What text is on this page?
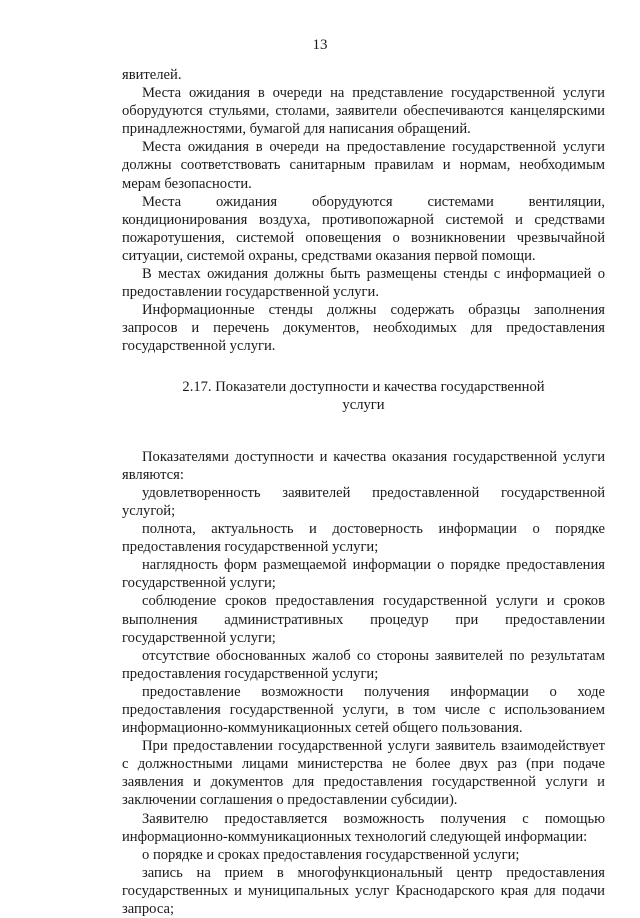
13

явителей.

Места ожидания в очереди на представление государственной услуги оборудуются стульями, столами, заявители обеспечиваются канцелярскими принадлежностями, бумагой для написания обращений.

Места ожидания в очереди на предоставление государственной услуги должны соответствовать санитарным правилам и нормам, необходимым мерам безопасности.

Места ожидания оборудуются системами вентиляции, кондиционирования воздуха, противопожарной системой и средствами пожаротушения, системой оповещения о возникновении чрезвычайной ситуации, системой охраны, средствами оказания первой помощи.

В местах ожидания должны быть размещены стенды с информацией о предоставлении государственной услуги.

Информационные стенды должны содержать образцы заполнения запросов и перечень документов, необходимых для предоставления государственной услуги.

2.17. Показатели доступности и качества государственной
услуги

Показателями доступности и качества оказания государственной услуги являются:

удовлетворенность заявителей предоставленной государственной услугой;

полнота, актуальность и достоверность информации о порядке предоставления государственной услуги;

наглядность форм размещаемой информации о порядке предоставления государственной услуги;

соблюдение сроков предоставления государственной услуги и сроков выполнения административных процедур при предоставлении государственной услуги;

отсутствие обоснованных жалоб со стороны заявителей по результатам предоставления государственной услуги;

предоставление возможности получения информации о ходе предоставления государственной услуги, в том числе с использованием информационно-коммуникационных сетей общего пользования.

При предоставлении государственной услуги заявитель взаимодействует с должностными лицами министерства не более двух раз (при подаче заявления и документов для предоставления государственной услуги и заключении соглашения о предоставлении субсидии).

Заявителю предоставляется возможность получения с помощью информационно-коммуникационных технологий следующей информации:

о порядке и сроках предоставления государственной услуги;

запись на прием в многофункциональный центр предоставления государственных и муниципальных услуг Краснодарского края для подачи запроса;
